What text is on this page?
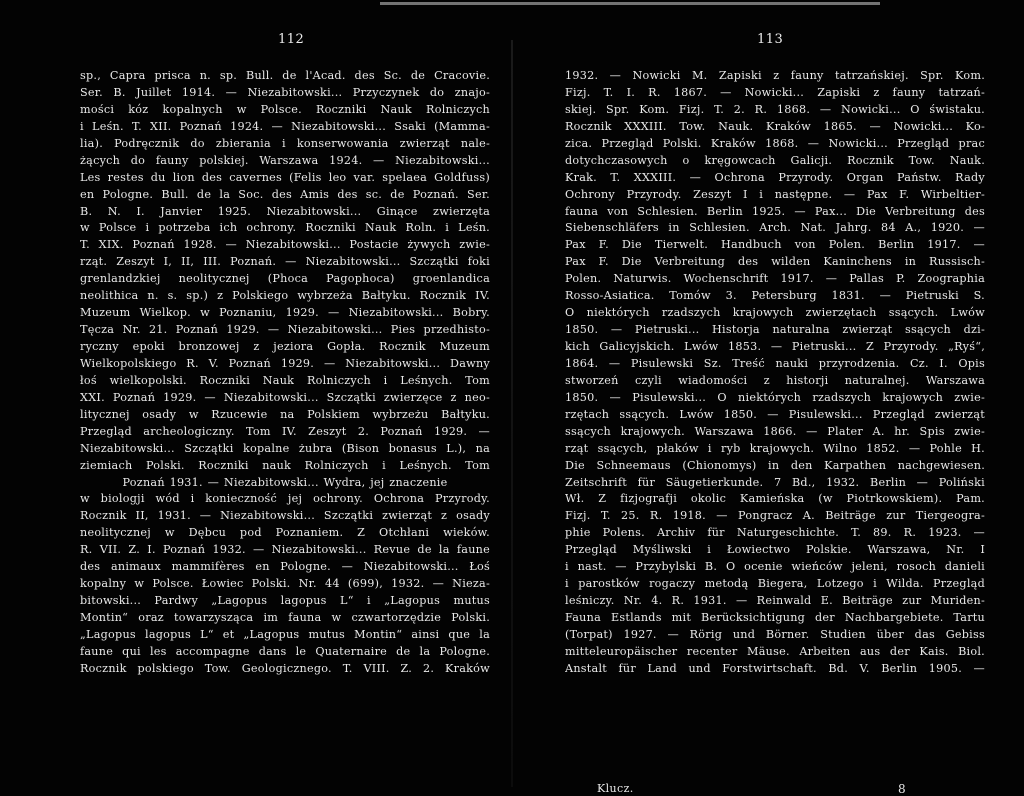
112
sp., Capra prisca n. sp. Bull. de l'Acad. des Sc. de Cracovie.
Ser. B. Juillet 1914. — Niezabitowski... Przyczynek do znajo-
mości kóz kopalnych w Polsce. Roczniki Nauk Rolniczych
i Leśn. T. XII. Poznań 1924. — Niezabitowski... Ssaki (Mamma-
lia). Podręcznik do zbierania i konserwowania zwierząt nale-
żących do fauny polskiej. Warszawa 1924. — Niezabitowski...
Les restes du lion des cavernes (Felis leo var. spelaea Goldfuss)
en Pologne. Bull. de la Soc. des Amis des sc. de Poznań. Ser.
B. N. I. Janvier 1925. Niezabitowski... Ginące zwierzęta
w Polsce i potrzeba ich ochrony. Roczniki Nauk Roln. i Leśn.
T. XIX. Poznań 1928. — Niezabitowski... Postacie żywych zwie-
rząt. Zeszyt I, II, III. Poznań. — Niezabitowski... Szczątki foki
grenlandzkiej neolitycznej (Phoca Pagophoca) groenlandica
neolithica n. s. sp.) z Polskiego wybrzeża Bałtyku. Rocznik IV.
Muzeum Wielkop. w Poznaniu, 1929. — Niezabitowski... Bobry.
Tęcza Nr. 21. Poznań 1929. — Niezabitowski... Pies przedhisto-
ryczny epoki bronzowej z jeziora Gopła. Rocznik Muzeum
Wielkopolskiego R. V. Poznań 1929. — Niezabitowski... Dawny
łoś wielkopolski. Roczniki Nauk Rolniczych i Leśnych. Tom
XXI. Poznań 1929. — Niezabitowski... Szczątki zwierzęce z neo-
litycznej osady w Rzucewie na Polskiem wybrzeżu Bałtyku.
Przegląd archeologiczny. Tom IV. Zeszyt 2. Poznań 1929. —
Niezabitowski... Szczątki kopalne żubra (Bison bonasus L.), na
ziemiach Polski. Roczniki nauk Rolniczych i Leśnych. Tom
Poznań 1931. — Niezabitowski... Wydra, jej znaczenie
w biologji wód i konieczność jej ochrony. Ochrona Przyrody.
Rocznik II, 1931. — Niezabitowski... Szczątki zwierząt z osady
neolitycznej w Dębcu pod Poznaniem. Z Otchłani wieków.
R. VII. Z. I. Poznań 1932. — Niezabitowski... Revue de la faune
des animaux mammifères en Pologne. — Niezabitowski... Łoś
kopalny w Polsce. Łowiec Polski. Nr. 44 (699), 1932. — Nieza-
bitowski... Pardwy „Lagopus lagopus L“ i „Lagopus mutus
Montin“ oraz towarzysząca im fauna w czwartorzędzie Polski.
„Lagopus lagopus L“ et „Lagopus mutus Montin“ ainsi que la
faune qui les accompagne dans le Quaternaire de la Pologne.
Rocznik polskiego Tow. Geologicznego. T. VIII. Z. 2. Kraków
113
1932. — Nowicki M. Zapiski z fauny tatrzańskiej. Spr. Kom.
Fizj. T. I. R. 1867. — Nowicki... Zapiski z fauny tatrzań-
skiej. Spr. Kom. Fizj. T. 2. R. 1868. — Nowicki... O świstaku.
Rocznik XXXIII. Tow. Nauk. Kraków 1865. — Nowicki... Ko-
zica. Przegląd Polski. Kraków 1868. — Nowicki... Przegląd prac
dotychczasowych o kręgowcach Galicji. Rocznik Tow. Nauk.
Krak. T. XXXIII. — Ochrona Przyrody. Organ Państw. Rady
Ochrony Przyrody. Zeszyt I i następne. — Pax F. Wirbeltier-
fauna von Schlesien. Berlin 1925. — Pax... Die Verbreitung des
Siebenschläfers in Schlesien. Arch. Nat. Jahrg. 84 A., 1920. —
Pax F. Die Tierwelt. Handbuch von Polen. Berlin 1917. —
Pax F. Die Verbreitung des wilden Kaninchens in Russisch-
Polen. Naturwis. Wochenschrift 1917. — Pallas P. Zoographia
Rosso-Asiatica. Tomów 3. Petersburg 1831. — Pietruski S.
O niektórych rzadszych krajowych zwierzętach ssących. Lwów
1850. — Pietruski... Historja naturalna zwierząt ssących dzi-
kich Galicyjskich. Lwów 1853. — Pietruski... Z Przyrody. „Ryś“,
1864. — Pisulewski Sz. Treść nauki przyrodzenia. Cz. I. Opis
stworzeń czyli wiadomości z historji naturalnej. Warszawa
1850. — Pisulewski... O niektórych rzadszych krajowych zwie-
rzętach ssących. Lwów 1850. — Pisulewski... Przegląd zwierząt
ssących krajowych. Warszawa 1866. — Plater A. hr. Spis zwie-
rząt ssących, płaków i ryb krajowych. Wilno 1852. — Pohle H.
Die Schneemaus (Chionomys) in den Karpathen nachgewiesen.
Zeitschrift für Säugetierkunde. 7 Bd., 1932. Berlin — Poliński
Wł. Z fizjografji okolic Kamieńska (w Piotrkowskiem). Pam.
Fizj. T. 25. R. 1918. — Pongracz A. Beiträge zur Tiergeogra-
phie Polens. Archiv für Naturgeschichte. T. 89. R. 1923. —
Przegląd Myśliwski i Łowiectwo Polskie. Warszawa, Nr. I
i nast. — Przybylski B. O ocenie wieńców jeleni, rosoch danieli
i parostków rogaczy metodą Biegera, Lotzego i Wilda. Przegląd
leśniczy. Nr. 4. R. 1931. — Reinwald E. Beiträge zur Muriden-
Fauna Estlands mit Berücksichtigung der Nachbargebiete. Tartu
(Torpat) 1927. — Rörig und Börner. Studien über das Gebiss
mitteleuropäischer recenter Mäuse. Arbeiten aus der Kais. Biol.
Anstalt für Land und Forstwirtschaft. Bd. V. Berlin 1905. —
Klucz.	8
